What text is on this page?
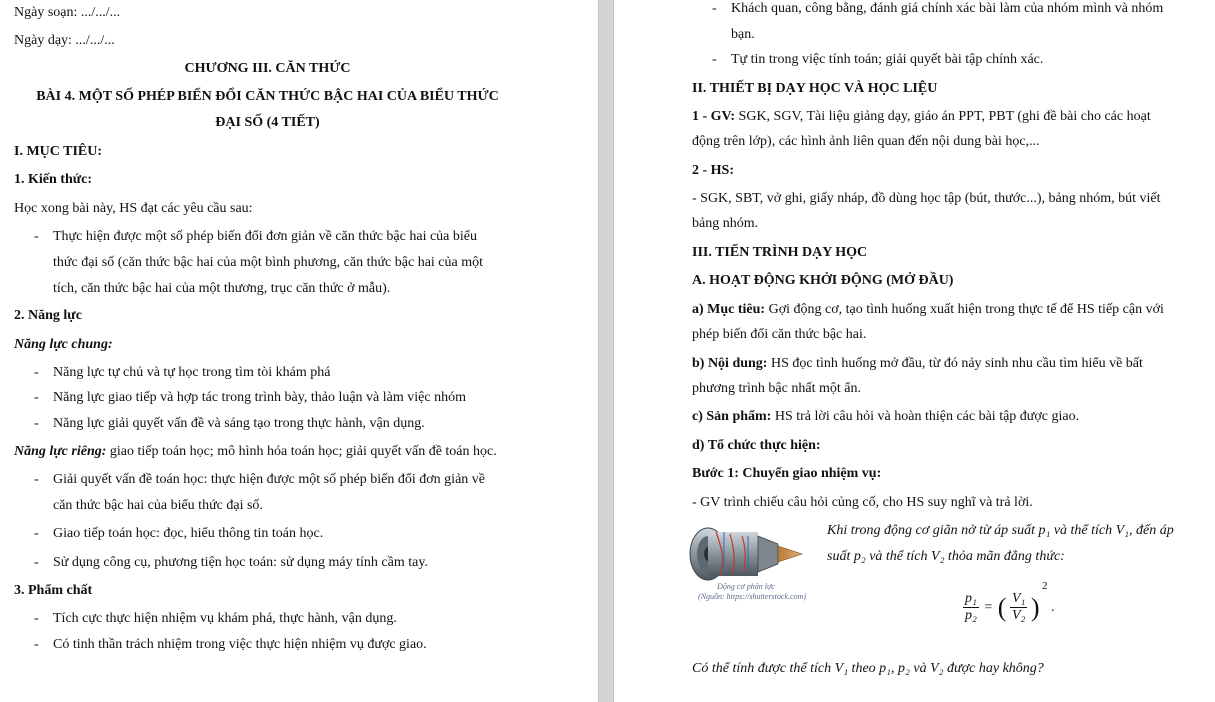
Ngày soạn: .../.../...
Ngày dạy: .../.../...
CHƯƠNG III. CĂN THỨC
BÀI 4. MỘT SỐ PHÉP BIẾN ĐỔI CĂN THỨC BẬC HAI CỦA BIỂU THỨC
ĐẠI SỐ (4 TIẾT)
I. MỤC TIÊU:
1. Kiến thức:
Học xong bài này, HS đạt các yêu cầu sau:
- Thực hiện được một số phép biến đổi đơn giản về căn thức bậc hai của biểu
thức đại số (căn thức bậc hai của một bình phương, căn thức bậc hai của một
tích, căn thức bậc hai của một thương, trục căn thức ở mẫu).
2. Năng lực
Năng lực chung:
- Năng lực tự chủ và tự học trong tìm tòi khám phá
- Năng lực giao tiếp và hợp tác trong trình bày, thảo luận và làm việc nhóm
- Năng lực giải quyết vấn đề và sáng tạo trong thực hành, vận dụng.
Năng lực riêng: giao tiếp toán học; mô hình hóa toán học; giải quyết vấn đề toán học.
- Giải quyết vấn đề toán học: thực hiện được một số phép biến đổi đơn giản về
căn thức bậc hai của biểu thức đại số.
- Giao tiếp toán học: đọc, hiểu thông tin toán học.
- Sử dụng công cụ, phương tiện học toán: sử dụng máy tính cầm tay.
3. Phẩm chất
- Tích cực thực hiện nhiệm vụ khám phá, thực hành, vận dụng.
- Có tinh thần trách nhiệm trong việc thực hiện nhiệm vụ được giao.
- Khách quan, công bằng, đánh giá chính xác bài làm của nhóm mình và nhóm
bạn.
- Tự tin trong việc tính toán; giải quyết bài tập chính xác.
II. THIẾT BỊ DẠY HỌC VÀ HỌC LIỆU
1 - GV: SGK, SGV, Tài liệu giảng dạy, giáo án PPT, PBT (ghi đề bài cho các hoạt
động trên lớp), các hình ảnh liên quan đến nội dung bài học,...
2 - HS:
- SGK, SBT, vở ghi, giấy nháp, đồ dùng học tập (bút, thước...), bảng nhóm, bút viết
bảng nhóm.
III. TIẾN TRÌNH DẠY HỌC
A. HOẠT ĐỘNG KHỞI ĐỘNG (MỞ ĐẦU)
a) Mục tiêu: Gợi động cơ, tạo tình huống xuất hiện trong thực tế để HS tiếp cận với
phép biến đổi căn thức bậc hai.
b) Nội dung: HS đọc tình huống mở đầu, từ đó nảy sinh nhu cầu tìm hiểu về bất
phương trình bậc nhất một ẩn.
c) Sản phẩm: HS trả lời câu hỏi và hoàn thiện các bài tập được giao.
d) Tổ chức thực hiện:
Bước 1: Chuyển giao nhiệm vụ:
- GV trình chiếu câu hỏi củng cố, cho HS suy nghĩ và trả lời.
Động cơ phản lực
(Nguồn: https://shutterstock.com)
Khi trong động cơ giãn nở từ áp suất p₁ và thể tích V₁, đến áp
suất p₂ và thể tích V₂ thỏa mãn đẳng thức:
$\frac{\text{p₁}}{\text{p₂}}$ = ( $\frac{\text{V₁}}{\text{V₂}}$ ) $^2$ .
Có thể tính được thể tích V₁ theo p₁, p₂ và V₂ được hay không?
